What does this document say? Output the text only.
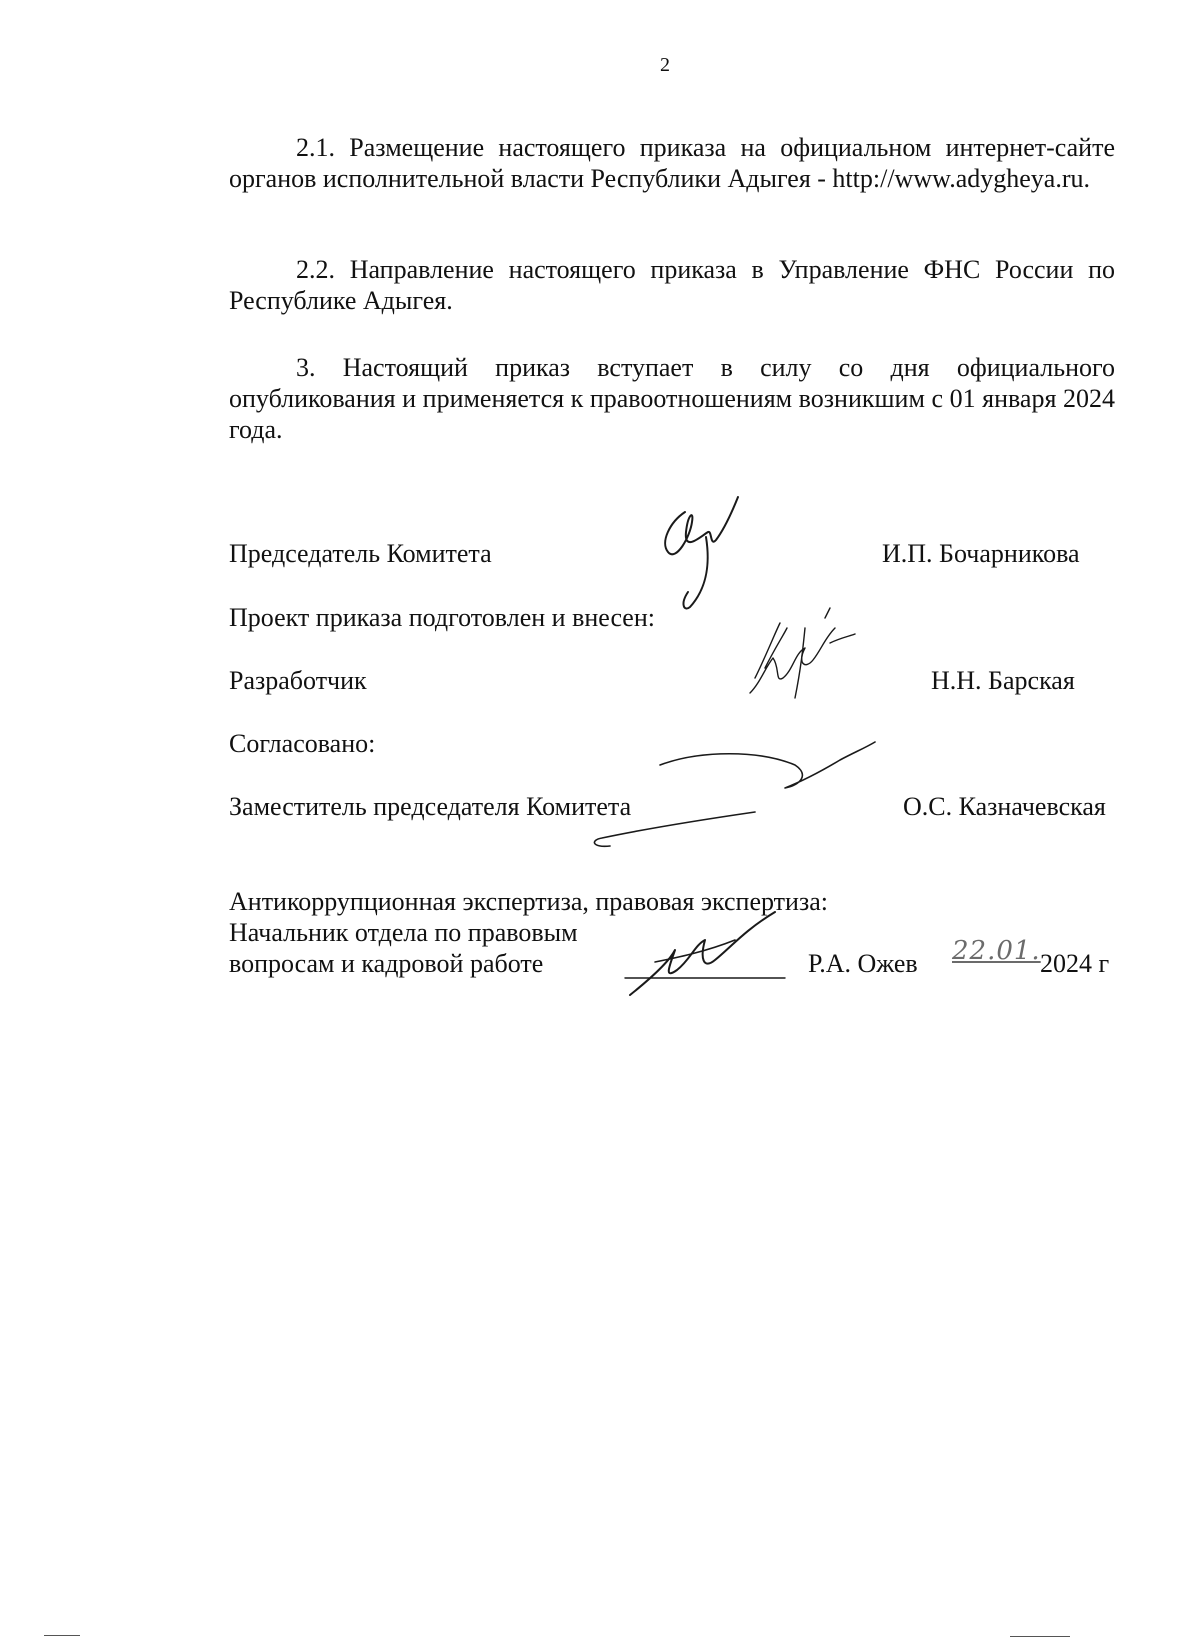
2
2.1. Размещение настоящего приказа на официальном интернет-сайте органов исполнительной власти Республики Адыгея - http://www.adygheya.ru.
2.2. Направление настоящего приказа в Управление ФНС России по Республике Адыгея.
3. Настоящий приказ вступает в силу со дня официального опубликования и применяется к правоотношениям возникшим с 01 января 2024 года.
Председатель Комитета	И.П. Бочарникова
Проект приказа подготовлен и внесен:
Разработчик	Н.Н. Барская
Согласовано:
Заместитель председателя Комитета	О.С. Казначевская
Антикоррупционная экспертиза, правовая экспертиза:
Начальник отдела по правовым
вопросам и кадровой работе	Р.А. Ожев 22.01. 2024 г
